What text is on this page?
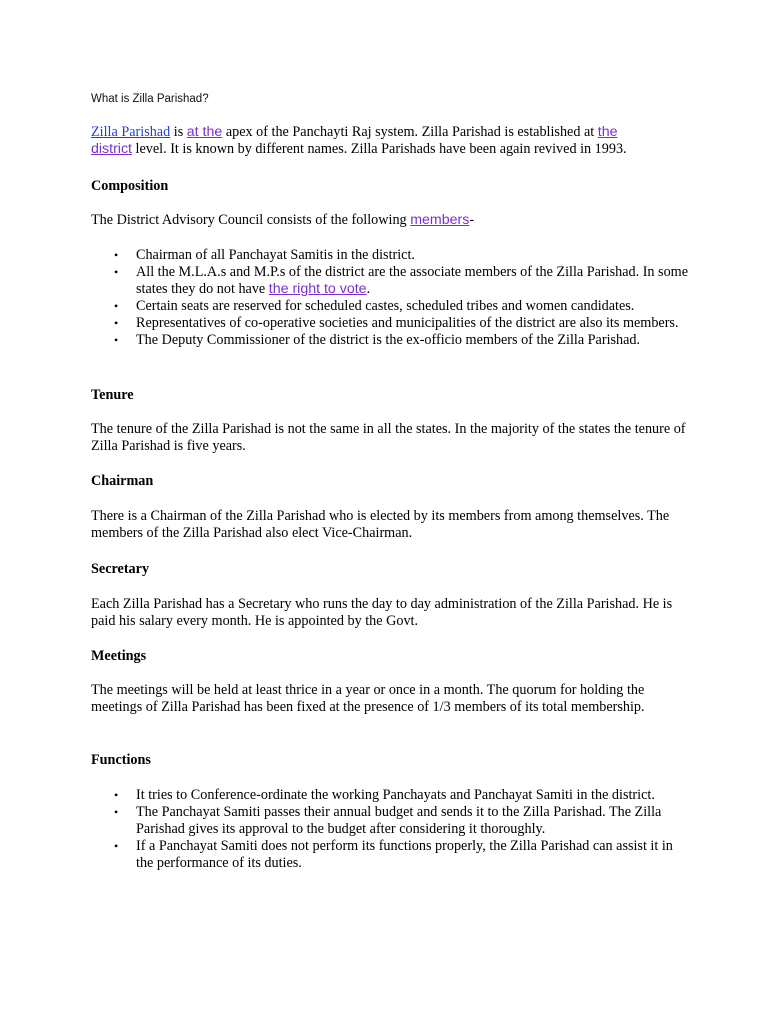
What is Zilla Parishad?

Zilla Parishad is at the apex of the Panchayti Raj system. Zilla Parishad is established at the
district level. It is known by different names. Zilla Parishads have been again revived in 1993.

Composition

The District Advisory Council consists of the following members-

• Chairman of all Panchayat Samitis in the district.
• All the M.L.A.s and M.P.s of the district are the associate members of the Zilla Parishad. In some states they do not have the right to vote.
• Certain seats are reserved for scheduled castes, scheduled tribes and women candidates.
• Representatives of co-operative societies and municipalities of the district are also its members.
• The Deputy Commissioner of the district is the ex-officio members of the Zilla Parishad.
Tenure

The tenure of the Zilla Parishad is not the same in all the states. In the majority of the states the tenure of Zilla Parishad is five years.

Chairman

There is a Chairman of the Zilla Parishad who is elected by its members from among themselves. The members of the Zilla Parishad also elect Vice-Chairman.

Secretary

Each Zilla Parishad has a Secretary who runs the day to day administration of the Zilla Parishad. He is paid his salary every month. He is appointed by the Govt.

Meetings

The meetings will be held at least thrice in a year or once in a month. The quorum for holding the meetings of Zilla Parishad has been fixed at the presence of 1/3 members of its total membership.

Functions
• It tries to Conference-ordinate the working Panchayats and Panchayat Samiti in the district.
• The Panchayat Samiti passes their annual budget and sends it to the Zilla Parishad. The Zilla Parishad gives its approval to the budget after considering it thoroughly.
• If a Panchayat Samiti does not perform its functions properly, the Zilla Parishad can assist it in the performance of its duties.
